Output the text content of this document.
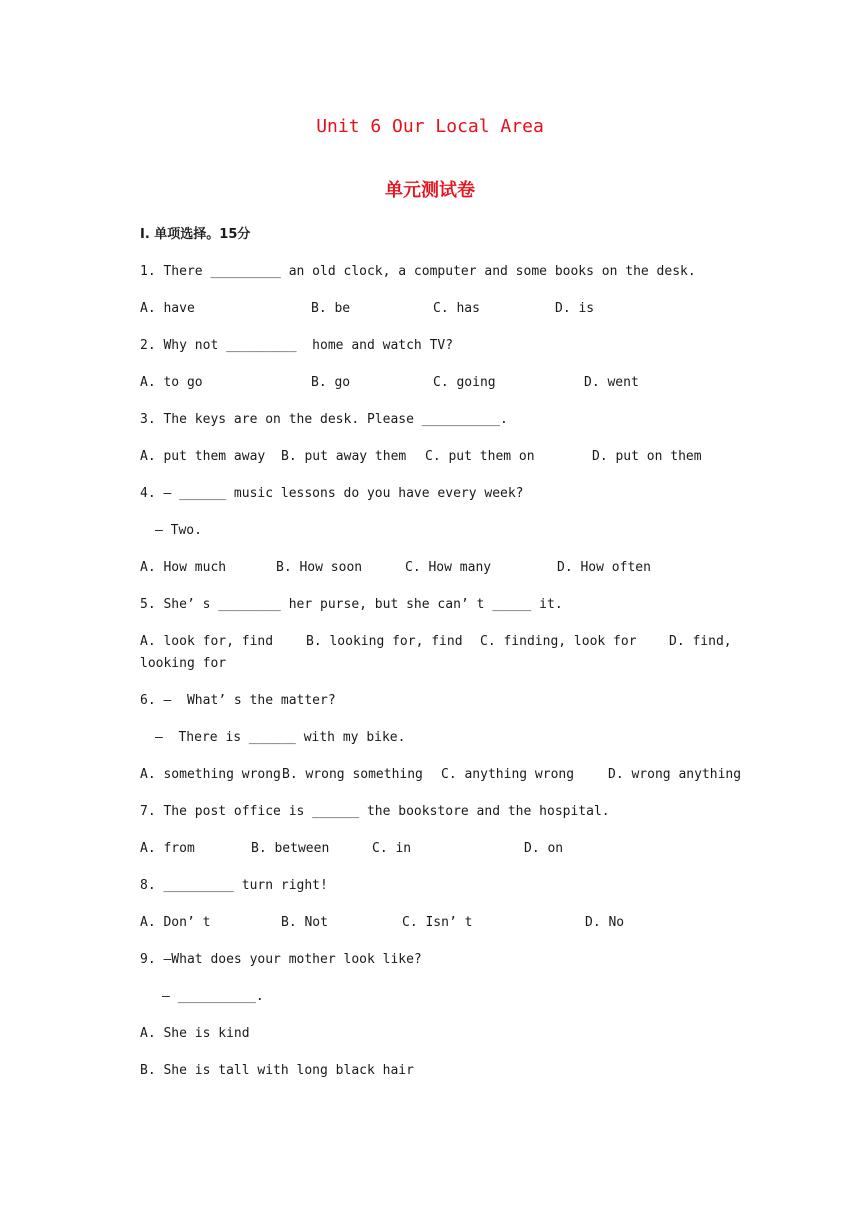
Unit 6 Our Local Area
单元测试卷
I. 单项选择。15分
1. There _________ an old clock, a computer and some books on the desk.
A. have	B. be	C. has	D. is
2. Why not _________  home and watch TV?
A. to go	B. go	C. going	D. went
3. The keys are on the desk. Please __________.
A. put them away B. put away them C. put them on	D. put on them
4. — ______ music lessons do you have every week?
— Two.
A. How much	B. How soon	C. How many	D. How often
5. She’ s ________ her purse, but she can’ t _____ it.
A. look for, find	B. looking for, find C. finding, look for D. find,
looking for
6. —  What’ s the matter?
—  There is ______ with my bike.
A. something wrong B. wrong something C. anything wrong	D. wrong anything
7. The post office is ______ the bookstore and the hospital.
A. from	B. between	C. in	D. on
8. _________ turn right!
A. Don’ t	B. Not	C. Isn’ t	D. No
9. —What does your mother look like?
— __________.
A. She is kind
B. She is tall with long black hair
